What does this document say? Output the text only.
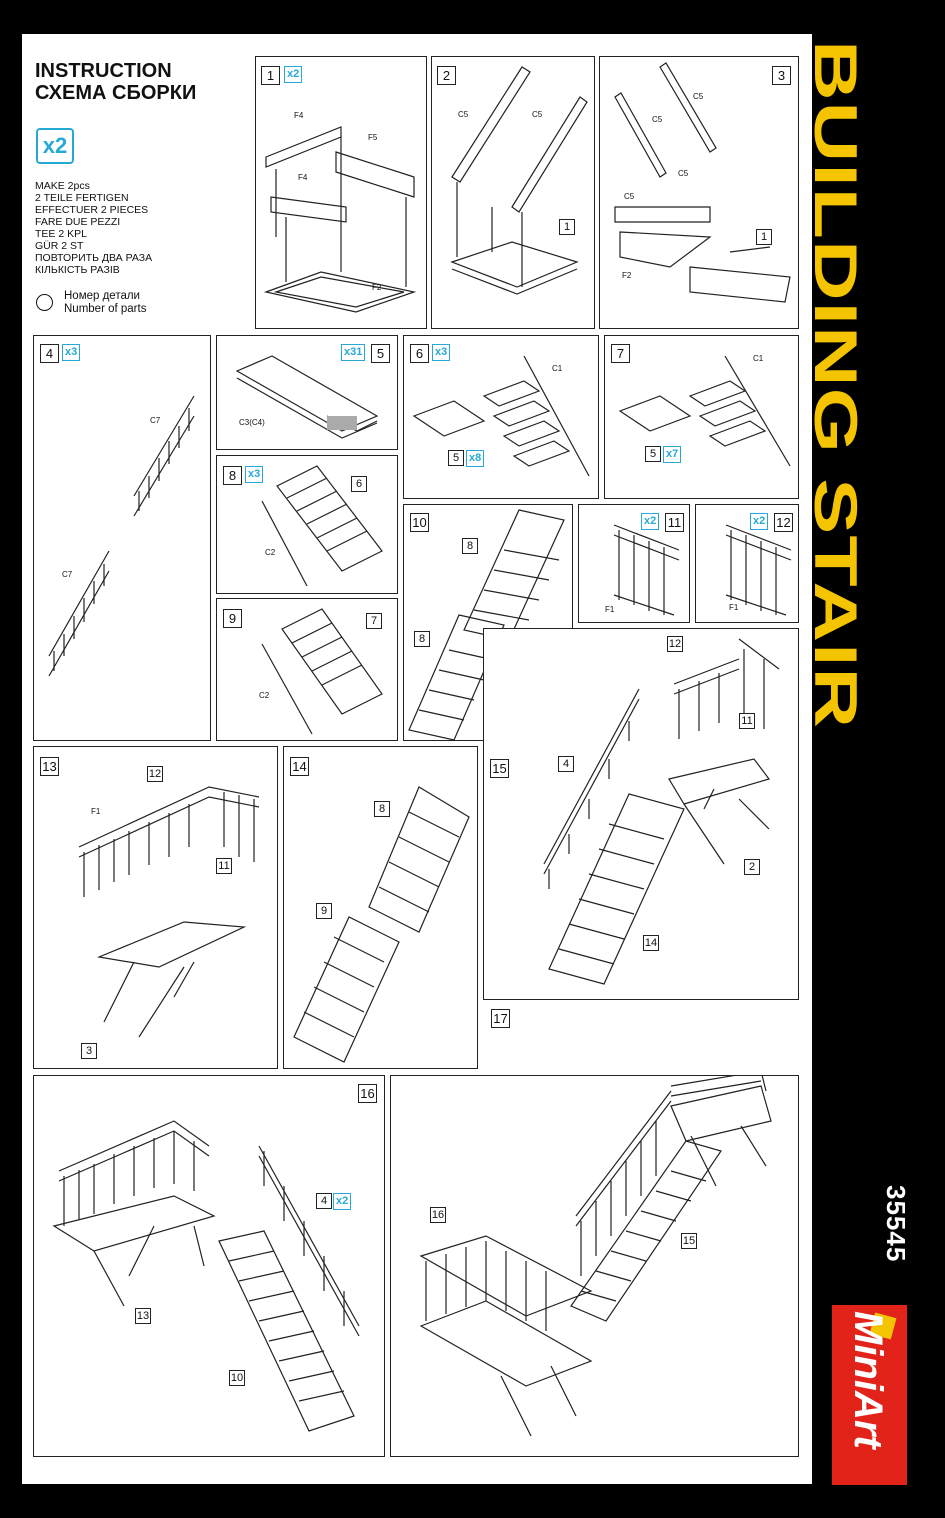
INSTRUCTION
СХЕМА СБОРКИ
x2
MAKE 2pcs
2 TEILE FERTIGEN
EFFECTUER 2 PIECES
FARE DUE PEZZI
TEE 2 KPL
GÜR 2 ST
ПОВТОРИТЬ ДВА РАЗА
КІЛЬКІСТЬ РАЗІВ
Номер детали
Number of parts
1	x2
F4
F5
F4
F2
2
C5	C5
1
3
C5
C5
C5
C5
F2
1
4	x3
C7
C7
x31	5
C3(C4)
6	x3
C1
5 x8
7	C1
5 x7
8	x3
C2
6
9
C2
7
10
8
8
x2 11
F1
x2 12
F1
13
F1
12
11
3
14
8
9
15
12
11
4
2
14
16
4 x2
13
10
17
16
15
BUILDING STAIR
35545
MiniArt
